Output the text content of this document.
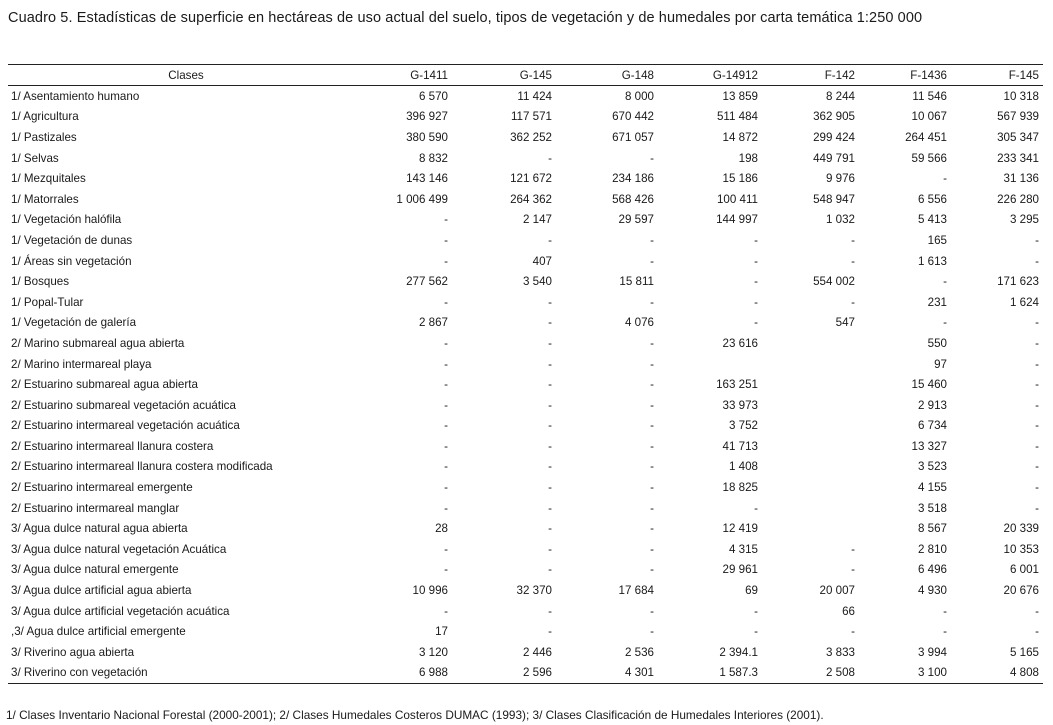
Cuadro 5. Estadísticas de superficie en hectáreas de uso actual del suelo, tipos de vegetación y de humedales por carta temática 1:250 000
Clases	G-1411	G-145	G-148	G-14912	F-142	F-1436	F-145
1/ Asentamiento humano	6 570	11 424	8 000	13 859	8 244	11 546	10 318
1/ Agricultura	396 927	117 571	670 442	511 484	362 905	10 067	567 939
1/ Pastizales	380 590	362 252	671 057	14 872	299 424	264 451	305 347
1/ Selvas	8 832	-	-	198	449 791	59 566	233 341
1/ Mezquitales	143 146	121 672	234 186	15 186	9 976	-	31 136
1/ Matorrales	1 006 499	264 362	568 426	100 411	548 947	6 556	226 280
1/ Vegetación halófila	-	2 147	29 597	144 997	1 032	5 413	3 295
1/ Vegetación de dunas	-	-	-	-	-	165	-
1/ Áreas sin vegetación	-	407	-	-	-	1 613	-
1/ Bosques	277 562	3 540	15 811	-	554 002	-	171 623
1/ Popal-Tular	-	-	-	-	-	231	1 624
1/ Vegetación de galería	2 867	-	4 076	-	547	-	-
2/ Marino submareal agua abierta	-	-	-	23 616		550	-
2/ Marino intermareal playa	-	-	-			97	-
2/ Estuarino submareal agua abierta	-	-	-	163 251		15 460	-
2/ Estuarino submareal vegetación acuática	-	-	-	33 973		2 913	-
2/ Estuarino intermareal vegetación acuática	-	-	-	3 752		6 734	-
2/ Estuarino intermareal llanura costera	-	-	-	41 713		13 327	-
2/ Estuarino intermareal llanura costera modificada	-	-	-	1 408		3 523	-
2/ Estuarino intermareal emergente	-	-	-	18 825		4 155	-
2/ Estuarino intermareal manglar	-	-	-	-		3 518	-
3/ Agua dulce natural agua abierta	28	-	-	12 419		8 567	20 339
3/ Agua dulce natural vegetación Acuática	-	-	-	4 315	-	2 810	10 353
3/ Agua dulce natural emergente	-	-	-	29 961	-	6 496	6 001
3/ Agua dulce artificial agua abierta	10 996	32 370	17 684	69	20 007	4 930	20 676
3/ Agua dulce artificial vegetación acuática	-	-	-	-	66	-	-
,3/ Agua dulce artificial emergente	17	-	-	-	-	-	-
3/ Riverino agua abierta	3 120	2 446	2 536	2 394.1	3 833	3 994	5 165
3/ Riverino con vegetación	6 988	2 596	4 301	1 587.3	2 508	3 100	4 808
1/ Clases Inventario Nacional Forestal (2000-2001); 2/ Clases Humedales Costeros DUMAC (1993); 3/ Clases Clasificación de Humedales Interiores (2001).
